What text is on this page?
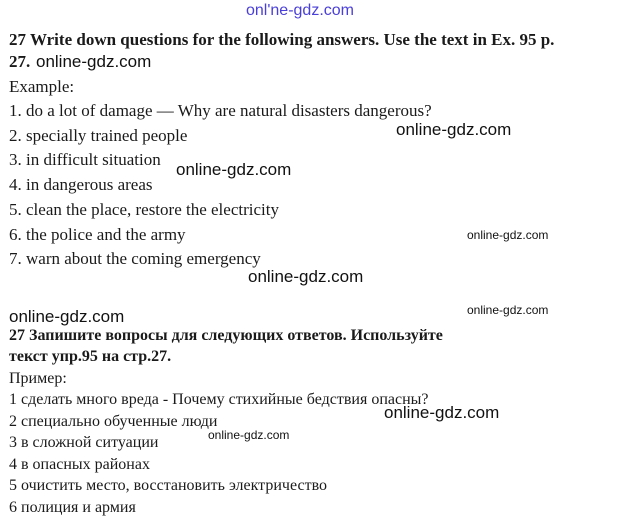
onl'ne-gdz.com
27 Write down questions for the following answers. Use the text in Ex. 95 p.
27. online-gdz.com
Example:
1. do a lot of damage — Why are natural disasters dangerous?
2. specially trained people
3. in difficult situation
4. in dangerous areas
5. clean the place, restore the electricity
6. the police and the army
7. warn about the coming emergency
online-gdz.com
online-gdz.com
online-gdz.com
online-gdz.com
online-gdz.com	online-gdz.com
27 Запишите вопросы для следующих ответов. Используйте
текст упр.95 на стр.27.
Пример:
1 сделать много вреда - Почему стихийные бедствия опасны?
2 специально обученные люди
3 в сложной ситуации
4 в опасных районах
5 очистить место, восстановить электричество
6 полиция и армия
online-gdz.com
online-gdz.com
